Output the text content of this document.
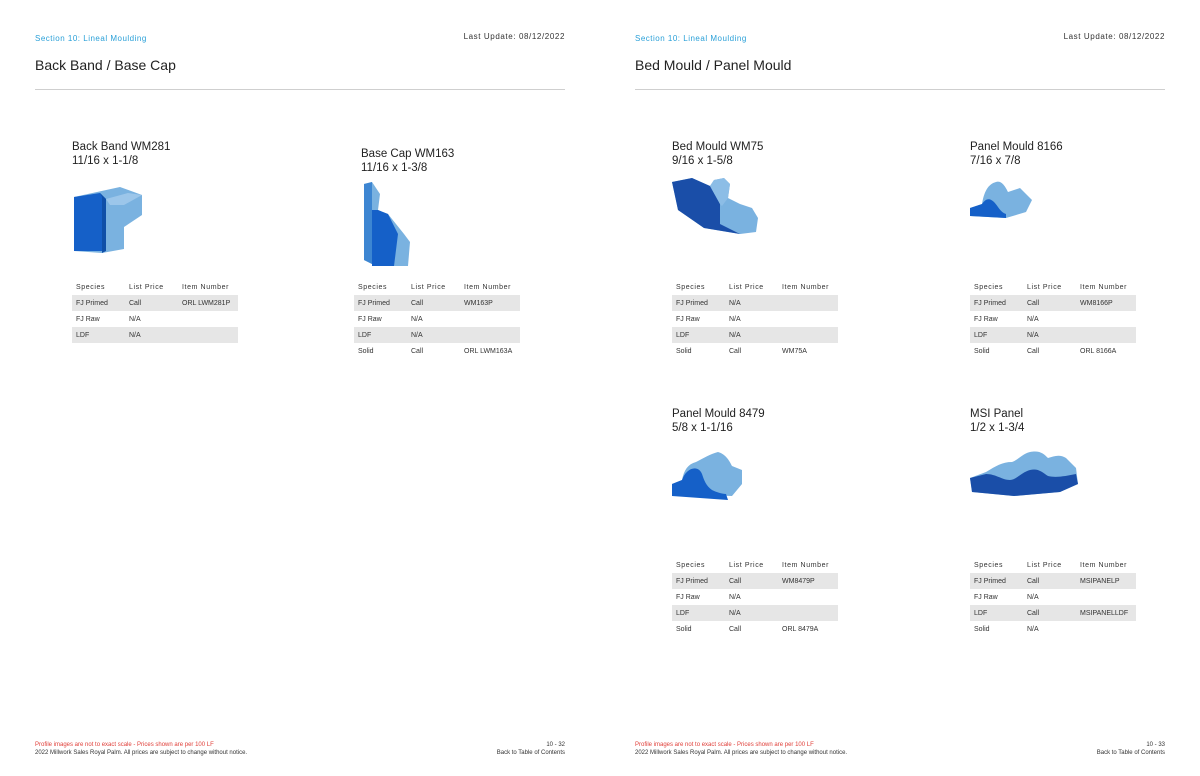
Section 10: Lineal Moulding	Last Update: 08/12/2022
Back Band / Base Cap
Back Band WM281
11/16 x 1-1/8
Species	List Price	Item Number
FJ Primed	Call	ORL LWM281P
FJ Raw	N/A	
LDF	N/A	
Base Cap WM163
11/16 x 1-3/8
Species	List Price	Item Number
FJ Primed	Call	WM163P
FJ Raw	N/A	
LDF	N/A	
Solid	Call	ORL LWM163A
Profile images are not to exact scale - Prices shown are per 100 LF
2022 Millwork Sales Royal Palm. All prices are subject to change without notice.
10 - 32
Back to Table of Contents
Section 10: Lineal Moulding	Last Update: 08/12/2022
Bed Mould / Panel Mould
Bed Mould WM75
9/16 x 1-5/8
Species	List Price	Item Number
FJ Primed	N/A	
FJ Raw	N/A	
LDF	N/A	
Solid	Call	WM75A
Panel Mould 8166
7/16 x 7/8
Species	List Price	Item Number
FJ Primed	Call	WM8166P
FJ Raw	N/A	
LDF	N/A	
Solid	Call	ORL 8166A
Panel Mould 8479
5/8 x 1-1/16
Species	List Price	Item Number
FJ Primed	Call	WM8479P
FJ Raw	N/A	
LDF	N/A	
Solid	Call	ORL 8479A
MSI Panel
1/2 x 1-3/4
Species	List Price	Item Number
FJ Primed	Call	MSIPANELP
FJ Raw	N/A	
LDF	Call	MSIPANELLDF
Solid	N/A	
Profile images are not to exact scale - Prices shown are per 100 LF
2022 Millwork Sales Royal Palm. All prices are subject to change without notice.
10 - 33
Back to Table of Contents
